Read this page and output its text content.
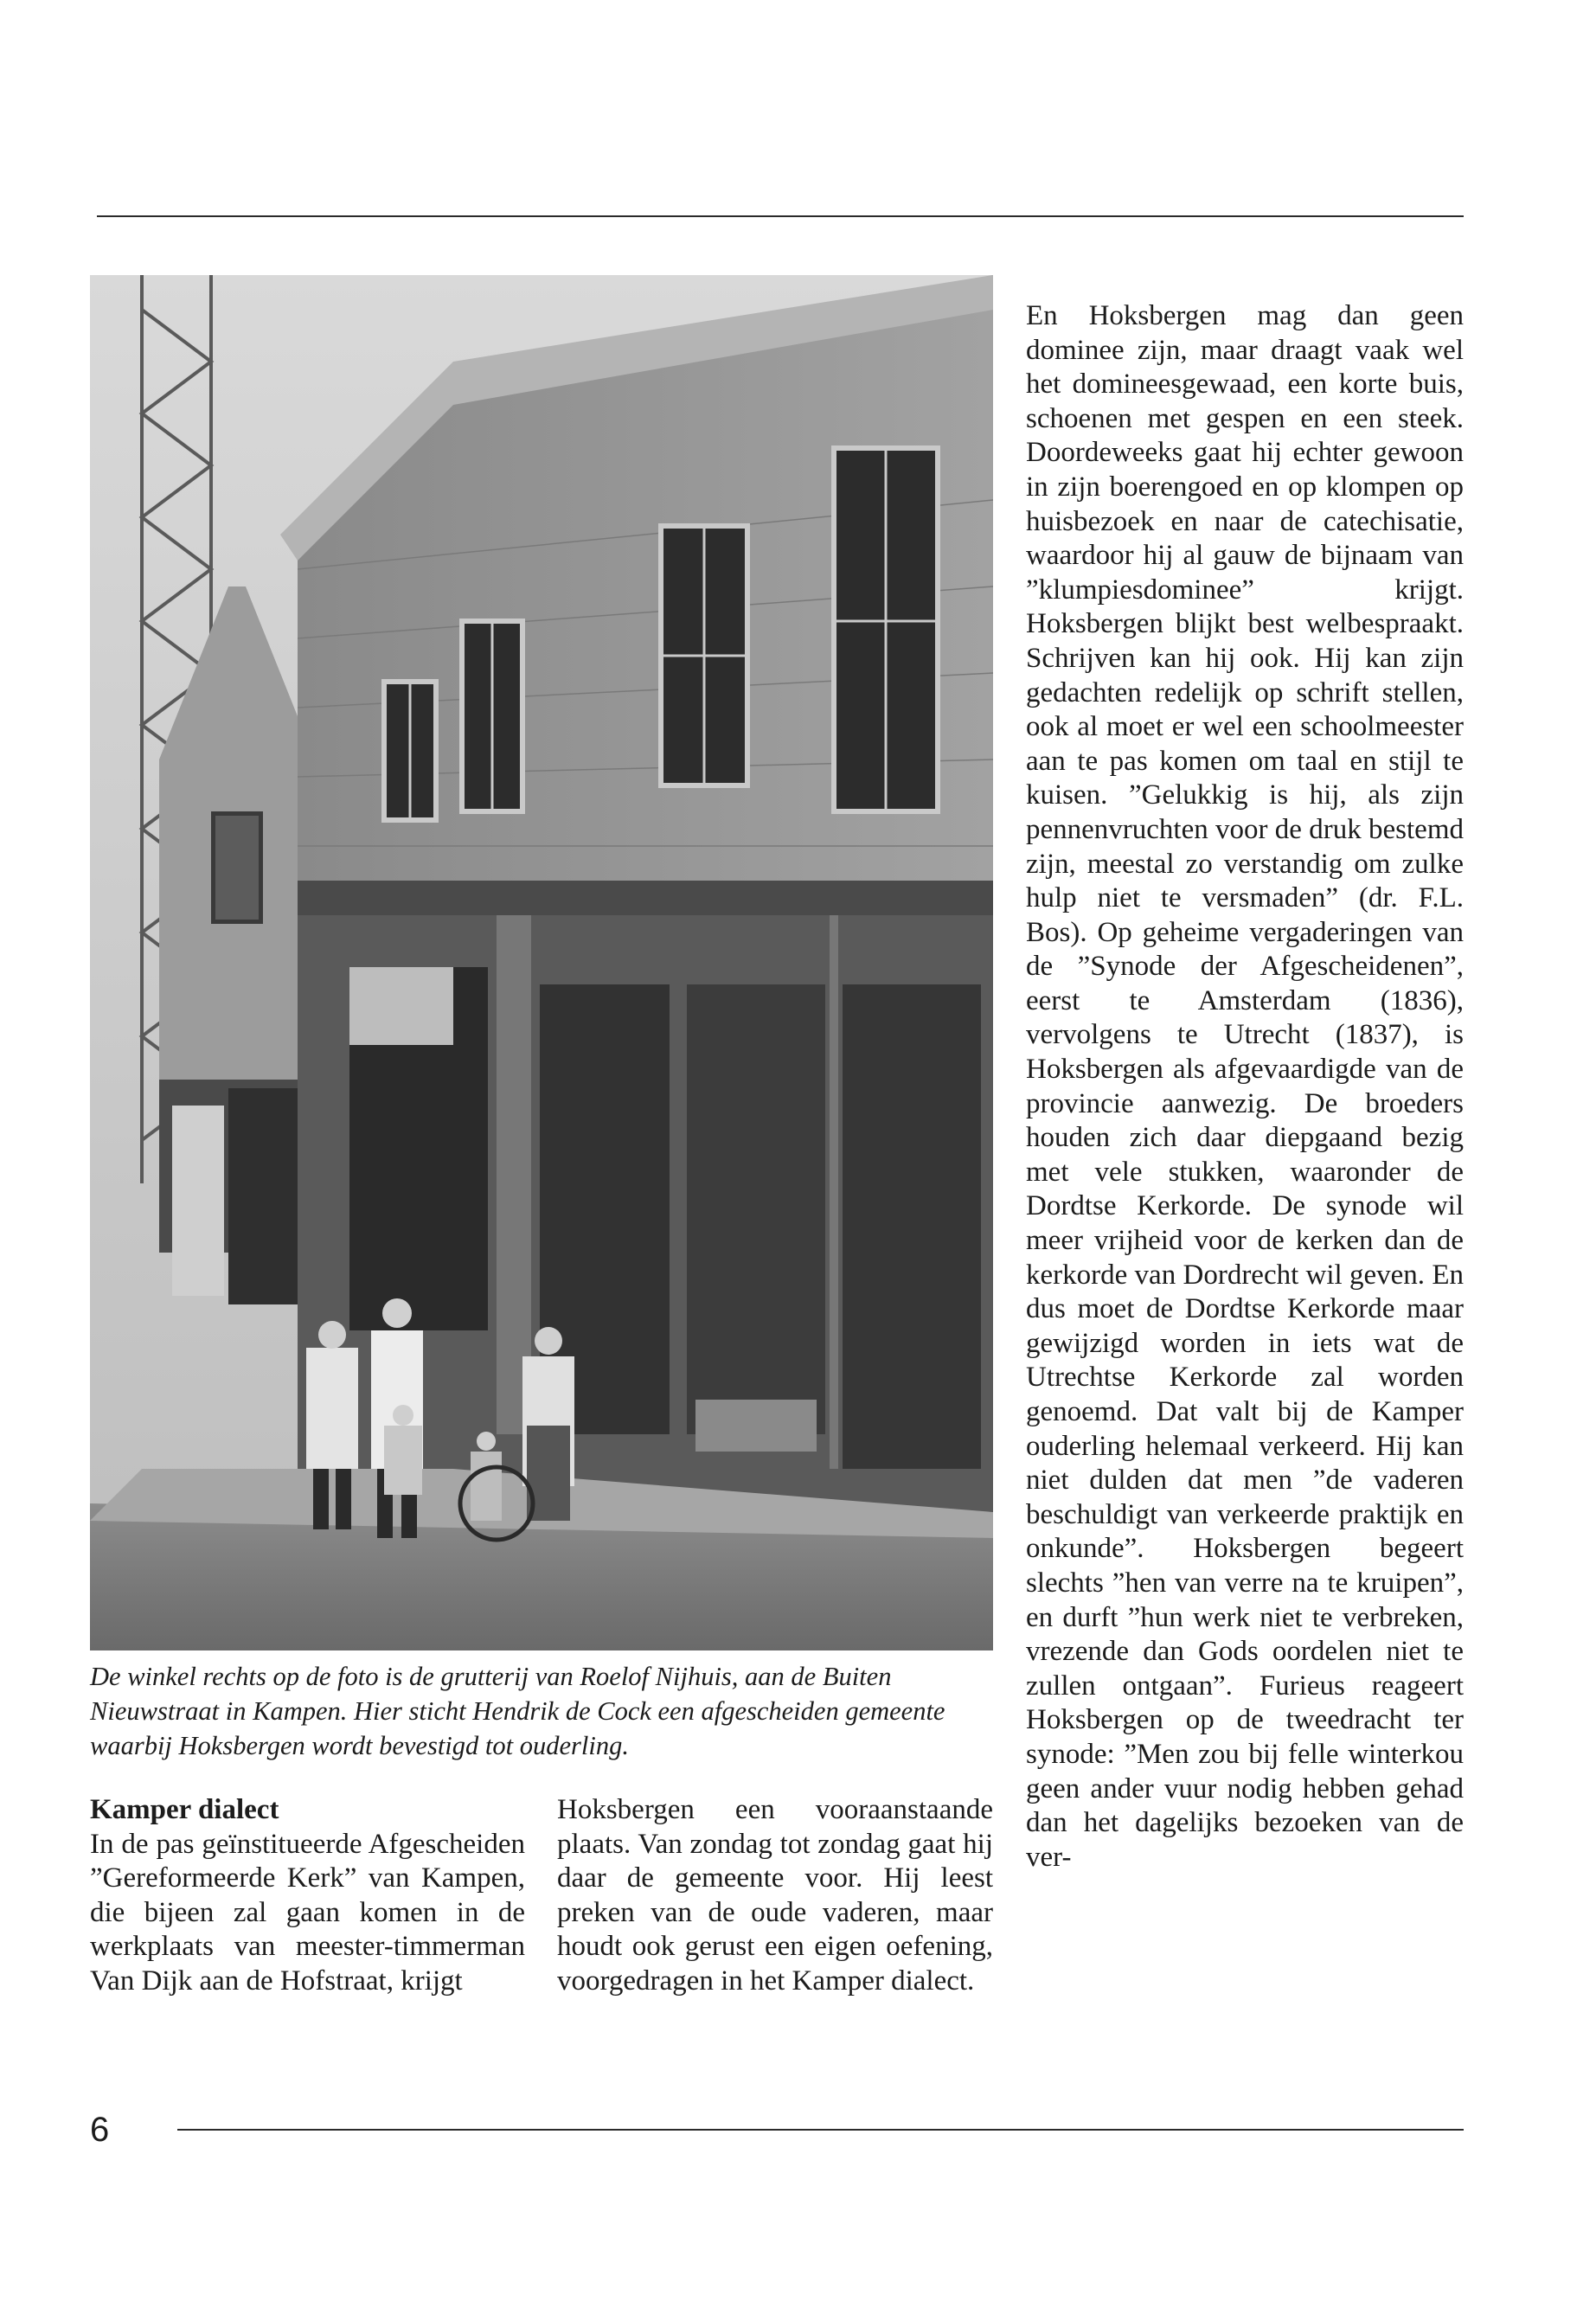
De winkel rechts op de foto is de grutterij van Roelof Nijhuis, aan de Buiten Nieuwstraat in Kampen. Hier sticht Hendrik de Cock een afgescheiden gemeente waarbij Hoksbergen wordt bevestigd tot ouderling.

Kamper dialect

In de pas geïnstitueerde Afgescheiden ”Gereformeerde Kerk” van Kampen, die bijeen zal gaan komen in de werkplaats van meester-timmerman Van Dijk aan de Hofstraat, krijgt

Hoksbergen een vooraanstaande plaats. Van zondag tot zondag gaat hij daar de gemeente voor. Hij leest preken van de oude vaderen, maar houdt ook gerust een eigen oefening, voorgedragen in het Kamper dialect.

En Hoksbergen mag dan geen dominee zijn, maar draagt vaak wel het domineesgewaad, een korte buis, schoenen met gespen en een steek. Doordeweeks gaat hij echter gewoon in zijn boerengoed en op klompen op huisbezoek en naar de catechisatie, waardoor hij al gauw de bijnaam van ”klumpiesdominee” krijgt. Hoksbergen blijkt best welbespraakt. Schrijven kan hij ook. Hij kan zijn gedachten redelijk op schrift stellen, ook al moet er wel een schoolmeester aan te pas komen om taal en stijl te kuisen. ”Gelukkig is hij, als zijn pennenvruchten voor de druk bestemd zijn, meestal zo verstandig om zulke hulp niet te versmaden” (dr. F.L. Bos). Op geheime vergaderingen van de ”Synode der Afgescheidenen”, eerst te Amsterdam (1836), vervolgens te Utrecht (1837), is Hoksbergen als afgevaardigde van de provincie aanwezig. De broeders houden zich daar diepgaand bezig met vele stukken, waaronder de Dordtse Kerkorde. De synode wil meer vrijheid voor de kerken dan de kerkorde van Dordrecht wil geven. En dus moet de Dordtse Kerkorde maar gewijzigd worden in iets wat de Utrechtse Kerkorde zal worden genoemd. Dat valt bij de Kamper ouderling helemaal verkeerd. Hij kan niet dulden dat men ”de vaderen beschuldigt van verkeerde praktijk en onkunde”. Hoksbergen begeert slechts ”hen van verre na te kruipen”, en durft ”hun werk niet te verbreken, vrezende dan Gods oordelen niet te zullen ontgaan”. Furieus reageert Hoksbergen op de tweedracht ter synode: ”Men zou bij felle winterkou geen ander vuur nodig hebben gehad dan het dagelijks bezoeken van de ver-

6
